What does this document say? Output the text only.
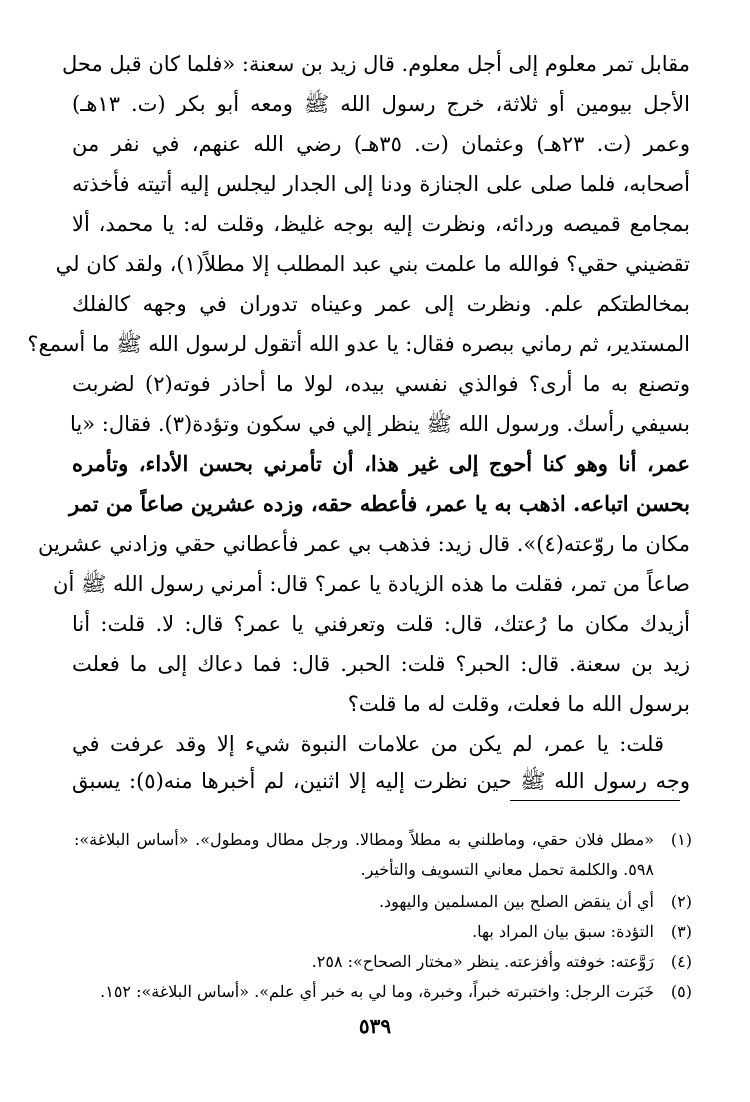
مقابل تمر معلوم إلى أجل معلوم. قال زيد بن سعنة: «فلما كان قبل محل
الأجل بيومين أو ثلاثة، خرج رسول الله ﷺ ومعه أبو بكر (ت. ١٣هـ)
وعمر (ت. ٢٣هـ) وعثمان (ت. ٣٥هـ) رضي الله عنهم، في نفر من
أصحابه، فلما صلى على الجنازة ودنا إلى الجدار ليجلس إليه أتيته فأخذته
بمجامع قميصه وردائه، ونظرت إليه بوجه غليظ، وقلت له: يا محمد، ألا
تقضيني حقي؟ فوالله ما علمت بني عبد المطلب إلا مطلاً(١)، ولقد كان لي
بمخالطتكم علم. ونظرت إلى عمر وعيناه تدوران في وجهه كالفلك
المستدير، ثم رماني ببصره فقال: يا عدو الله أتقول لرسول الله ﷺ ما أسمع؟
وتصنع به ما أرى؟ فوالذي نفسي بيده، لولا ما أحاذر فوته(٢) لضربت
بسيفي رأسك. ورسول الله ﷺ ينظر إلي في سكون وتؤدة(٣). فقال: «يا
عمر، أنا وهو كنا أحوج إلى غير هذا، أن تأمرني بحسن الأداء، وتأمره
بحسن اتباعه. اذهب به يا عمر، فأعطه حقه، وزده عشرين صاعاً من تمر
مكان ما روّعته(٤)». قال زيد: فذهب بي عمر فأعطاني حقي وزادني عشرين
صاعاً من تمر، فقلت ما هذه الزيادة يا عمر؟ قال: أمرني رسول الله ﷺ أن
أزيدك مكان ما رُعتك، قال: قلت وتعرفني يا عمر؟ قال: لا. قلت: أنا
زيد بن سعنة. قال: الحبر؟ قلت: الحبر. قال: فما دعاك إلى ما فعلت
برسول الله ما فعلت، وقلت له ما قلت؟
قلت: يا عمر، لم يكن من علامات النبوة شيء إلا وقد عرفت في
وجه رسول الله ﷺ حين نظرت إليه إلا اثنين، لم أخبرها منه(٥): يسبق
(١)«مطل فلان حقي، وماطلني به مطلاً ومطالا. ورجل مطال ومطول». «أساس البلاغة»:
٥٩٨. والكلمة تحمل معاني التسويف والتأخير.
(٢)أي أن ينقض الصلح بين المسلمين واليهود.
(٣)التؤدة: سبق بيان المراد بها.
(٤)رَوَّعته: خوفته وأفزعته. ينظر «مختار الصحاح»: ٢٥٨.
(٥)خَبَرت الرجل: واختبرته خبراً، وخبرة، وما لي به خبر أي علم». «أساس البلاغة»: ١٥٢.
٥٣٩
